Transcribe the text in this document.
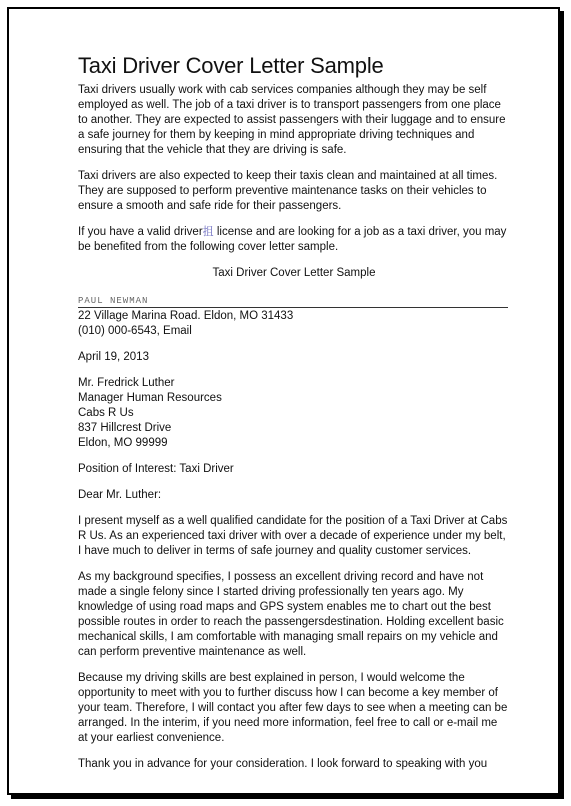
Taxi Driver Cover Letter Sample

Taxi drivers usually work with cab services companies although they may be self employed as well. The job of a taxi driver is to transport passengers from one place to another. They are expected to assist passengers with their luggage and to ensure a safe journey for them by keeping in mind appropriate driving techniques and ensuring that the vehicle that they are driving is safe.

Taxi drivers are also expected to keep their taxis clean and maintained at all times. They are supposed to perform preventive maintenance tasks on their vehicles to ensure a smooth and safe ride for their passengers.

If you have a valid driver抯 license and are looking for a job as a taxi driver, you may be benefited from the following cover letter sample.

Taxi Driver Cover Letter Sample

PAUL NEWMAN

22 Village Marina Road. Eldon, MO 31433

(010) 000-6543, Email

April 19, 2013

Mr. Fredrick Luther

Manager Human Resources

Cabs R Us

837 Hillcrest Drive

Eldon, MO 99999

Position of Interest: Taxi Driver

Dear Mr. Luther:

I present myself as a well qualified candidate for the position of a Taxi Driver at Cabs R Us. As an experienced taxi driver with over a decade of experience under my belt, I have much to deliver in terms of safe journey and quality customer services.

As my background specifies, I possess an excellent driving record and have not made a single felony since I started driving professionally ten years ago. My knowledge of using road maps and GPS system enables me to chart out the best possible routes in order to reach the passengersdestination. Holding excellent basic mechanical skills, I am comfortable with managing small repairs on my vehicle and can perform preventive maintenance as well.

Because my driving skills are best explained in person, I would welcome the opportunity to meet with you to further discuss how I can become a key member of your team. Therefore, I will contact you after few days to see when a meeting can be arranged. In the interim, if you need more information, feel free to call or e-mail me at your earliest convenience.

Thank you in advance for your consideration. I look forward to speaking with you
